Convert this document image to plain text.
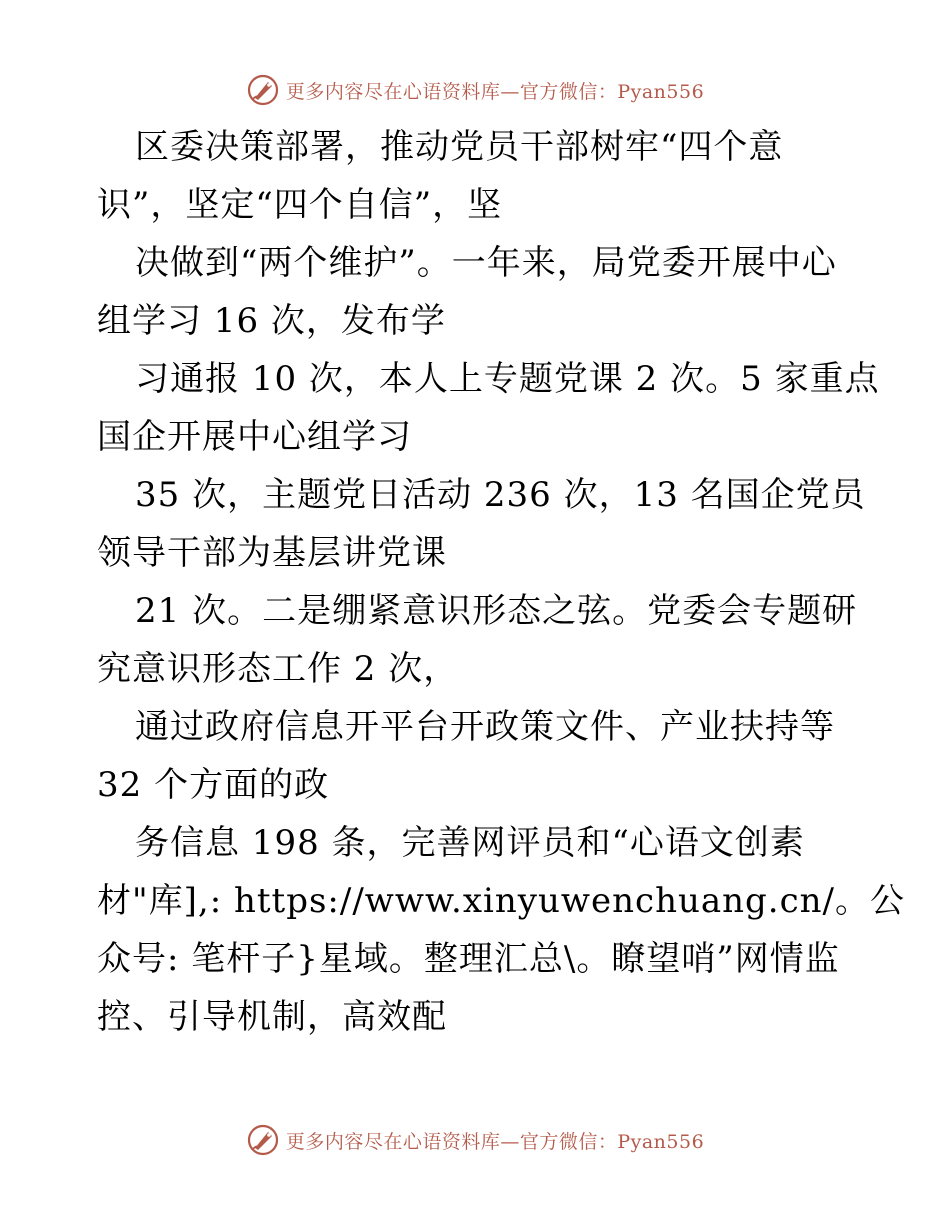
更多内容尽在心语资料库—官方微信：Pyan556
区委决策部署，推动党员干部树牢“四个意
识”，坚定“四个自信”，坚
决做到“两个维护”。一年来，局党委开展中心
组学习 16 次，发布学
习通报 10 次，本人上专题党课 2 次。5 家重点
国企开展中心组学习
35 次，主题党日活动 236 次，13 名国企党员
领导干部为基层讲党课
21 次。二是绷紧意识形态之弦。党委会专题研
究意识形态工作 2 次，
通过政府信息开平台开政策文件、产业扶持等
32 个方面的政
务信息 198 条，完善网评员和“心语文创素
材"库],: https://www.xinyuwenchuang.cn/。公
众号: 笔杆子}星域。整理汇总\。瞭望哨”网情监
控、引导机制，高效配
更多内容尽在心语资料库—官方微信：Pyan556
